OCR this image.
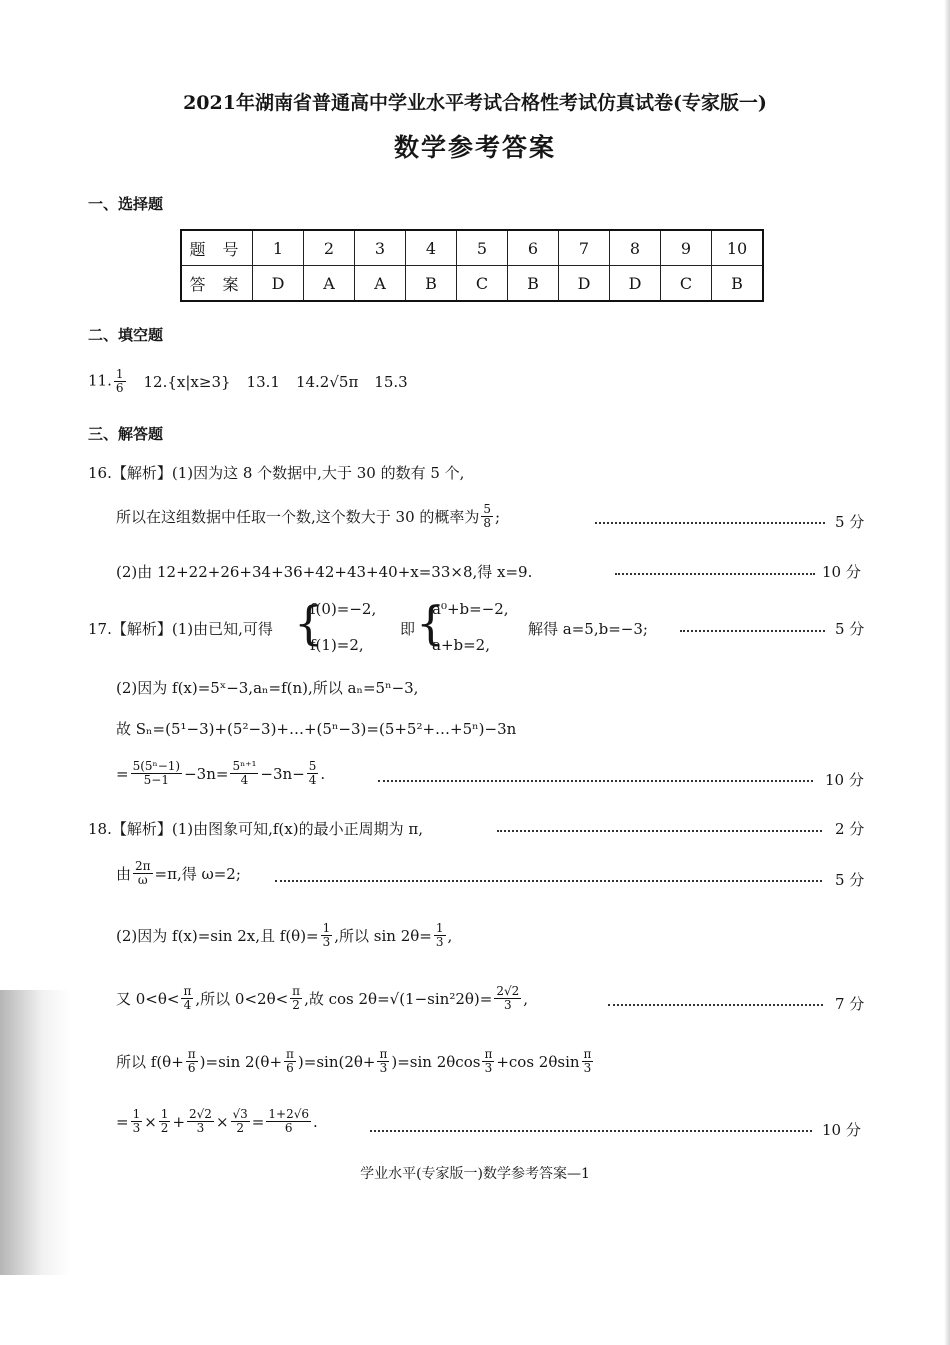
2021年湖南省普通高中学业水平考试合格性考试仿真试卷(专家版一)
数学参考答案
一、选择题
题 号	1	2	3	4	5	6	7	8	9	10
答 案	D	A	A	B	C	B	D	D	C	B
二、填空题
11. $\frac{1}{6} 12.\{x|x\ge 3\}$ 13.1 14.2√5π 15.3
三、解答题
16.【解析】(1)因为这 8 个数据中,大于 30 的数有 5 个,
所以在这组数据中任取一个数,这个数大于 30 的概率为 $\frac{5}{8}$ ;	5 分
(2)由 12+22+26+34+36+42+43+40+x=33×8,得 x=9.	10 分
17.【解析】(1)由已知,可得 {
f(0)=−2,
f(1)=2,
即 {
a⁰+b=−2,
a+b=2,
解得 a=5,b=−3;	5 分
(2)因为 f(x)=5ˣ−3,aₙ=f(n),所以 aₙ=5ⁿ−3,
故 Sₙ=(5¹−3)+(5²−3)+…+(5ⁿ−3)=(5+5²+…+5ⁿ)−3n
= $\frac{\text{5(5ⁿ−1)}}{5-1} -3n= \frac{\text{5ⁿ⁺¹}}{4} -3n- \frac{5}{4}$ .	10 分
18.【解析】(1)由图象可知,f(x)的最小正周期为 π,	2 分
由 $\frac{2\pi}{\omega} =\pi$,得 ω=2;	5 分
(2)因为 f(x)=sin 2x,且 $f(\theta)= \frac{1}{3}$ ,所以 $\sin 2\theta= \frac{1}{3}$ ,
又 $0<\theta< \frac{\pi}{4}$ ,所以 $0<2\theta< \frac{\pi}{2}$ ,故 $\cos 2\theta=√(1-\sin^22\theta)= \frac{2√2}{3}$ ,	7 分
所以 $f(\theta+ \frac{\pi}{6} )=\sin$ $2(\theta+ \frac{\pi}{6} )=\sin(2\theta+ \frac{\pi}{3} )=\sin$ $2\theta\cos \frac{\pi}{3} +\cos$ $2\theta\sin \frac{\pi}{3}$
= $\frac{1}{3} \times \frac{1}{2} + \frac{2√2}{3} \times \frac{√3}{2} = \frac{1+2√6}{6}$ .	10 分
学业水平(专家版一)数学参考答案—1
